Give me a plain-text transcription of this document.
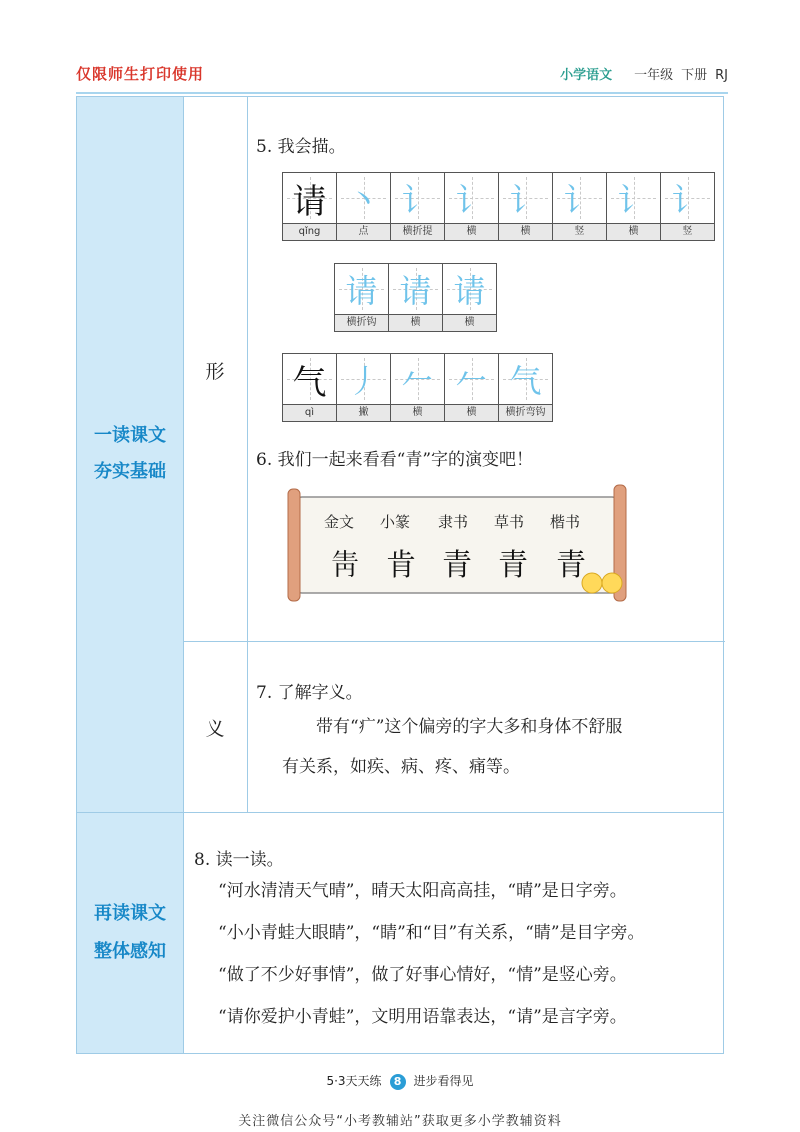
仅限师生打印使用	小学语文 一年级 下册 RJ
一读课文
夯实基础
再读课文
整体感知
形
义
5. 我会描。
请
qǐng
丶
点
讠
横折提
讠
横
讠
横
讠
竖
讠
横
讠
竖
请
横折钩
请
横
请
横
气
qì
丿
撇
𠂉
横
𠂉
横
气
横折弯钩
6. 我们一起来看看“青”字的演变吧！
金文 小篆 隶书 草书 楷书
𤯞 肯 青 青 青
7. 了解字义。
带有“疒”这个偏旁的字大多和身体不舒服
有关系，如疾、病、疼、痛等。
8. 读一读。
“河水清清天气晴”，晴天太阳高高挂，“晴”是日字旁。
“小小青蛙大眼睛”，“睛”和“目”有关系，“睛”是目字旁。
“做了不少好事情”，做了好事心情好，“情”是竖心旁。
“请你爱护小青蛙”，文明用语靠表达，“请”是言字旁。
5·3天天练 8 进步看得见
关注微信公众号“小考教辅站”获取更多小学教辅资料
